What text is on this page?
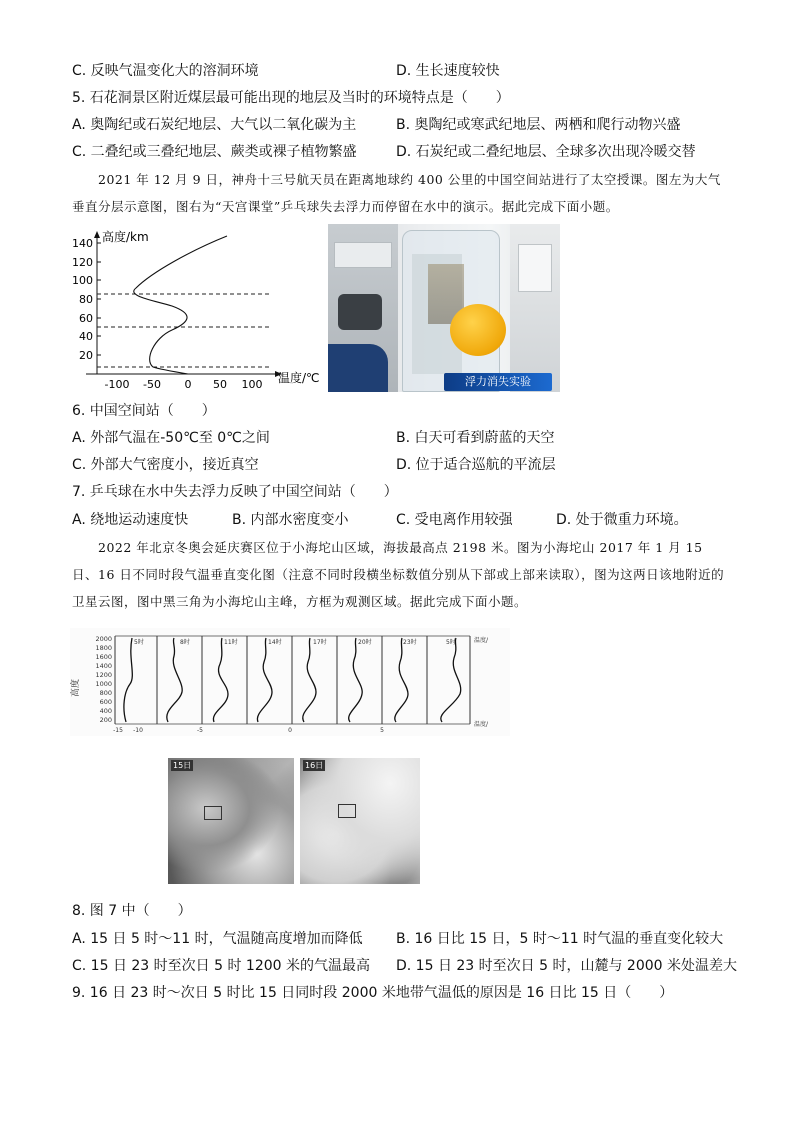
C. 反映气温变化大的溶洞环境	D. 生长速度较快
5. 石花洞景区附近煤层最可能出现的地层及当时的环境特点是（　　）
A. 奥陶纪或石炭纪地层、大气以二氧化碳为主	B. 奥陶纪或寒武纪地层、两栖和爬行动物兴盛
C. 二叠纪或三叠纪地层、蕨类或裸子植物繁盛	D. 石炭纪或二叠纪地层、全球多次出现冷暖交替
2021 年 12 月 9 日，神舟十三号航天员在距离地球约 400 公里的中国空间站进行了太空授课。图左为大气垂直分层示意图，图右为“天宫课堂”乒乓球失去浮力而停留在水中的演示。据此完成下面小题。
140
120
100
80
60
40
20
高度/km
-100 -50 0 50 100 温度/℃	浮力消失实验
6. 中国空间站（　　）
A. 外部气温在-50℃至 0℃之间	B. 白天可看到蔚蓝的天空
C. 外部大气密度小，接近真空	D. 位于适合巡航的平流层
7. 乒乓球在水中失去浮力反映了中国空间站（　　）
A. 绕地运动速度快	B. 内部水密度变小	C. 受电离作用较强	D. 处于微重力环境。
2022 年北京冬奥会延庆赛区位于小海坨山区域，海拔最高点 2198 米。图为小海坨山 2017 年 1 月 15 日、16 日不同时段气温垂直变化图（注意不同时段横坐标数值分别从下部或上部来读取），图为这两日该地附近的卫星云图，图中黑三角为小海坨山主峰，方框为观测区域。据此完成下面小题。
高度
2000
1800
1600
1400
1200
1000
800
600
400
200
5时	8时	11时	14时	17时	20时	23时	5时
-15 -10	-5	0	5
温度/
温度/
15日	16日
8. 图 7 中（　　）
A. 15 日 5 时～11 时，气温随高度增加而降低 B. 16 日比 15 日，5 时～11 时气温的垂直变化较大
C. 15 日 23 时至次日 5 时 1200 米的气温最高 D. 15 日 23 时至次日 5 时，山麓与 2000 米处温差大
9. 16 日 23 时～次日 5 时比 15 日同时段 2000 米地带气温低的原因是 16 日比 15 日（　　）
